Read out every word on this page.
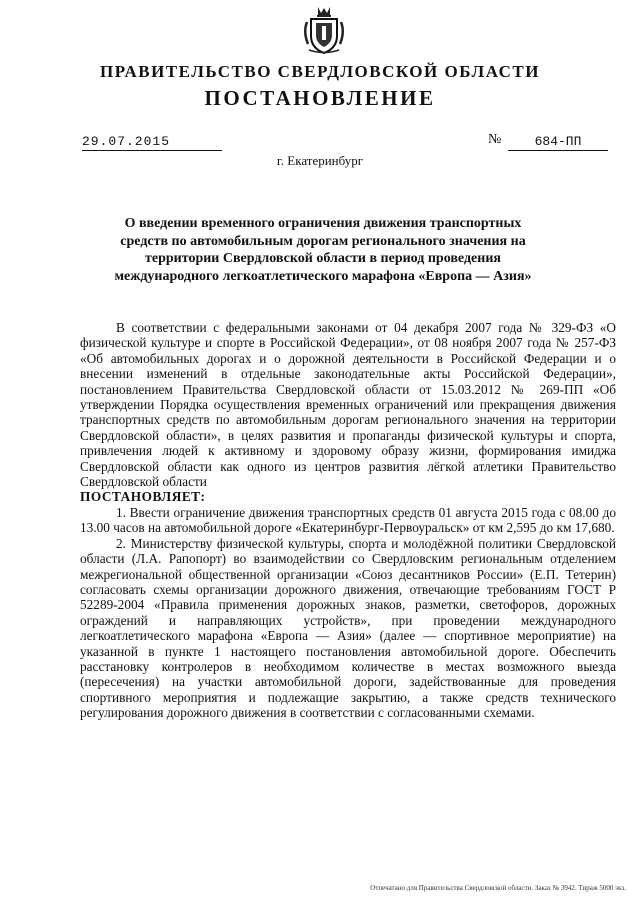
ПРАВИТЕЛЬСТВО СВЕРДЛОВСКОЙ ОБЛАСТИ
ПОСТАНОВЛЕНИЕ
29.07.2015	№	684-ПП
г. Екатеринбург
О введении временного ограничения движения транспортных средств по автомобильным дорогам регионального значения на территории Свердловской области в период проведения международного легкоатлетического марафона «Европа — Азия»

В соответствии с федеральными законами от 04 декабря 2007 года № 329-ФЗ «О физической культуре и спорте в Российской Федерации», от 08 ноября 2007 года № 257-ФЗ «Об автомобильных дорогах и о дорожной деятельности в Российской Федерации и о внесении изменений в отдельные законодательные акты Российской Федерации», постановлением Правительства Свердловской области от 15.03.2012 № 269-ПП «Об утверждении Порядка осуществления временных ограничений или прекращения движения транспортных средств по автомобильным дорогам регионального значения на территории Свердловской области», в целях развития и пропаганды физической культуры и спорта, привлечения людей к активному и здоровому образу жизни, формирования имиджа Свердловской области как одного из центров развития лёгкой атлетики Правительство Свердловской области

ПОСТАНОВЛЯЕТ:

1. Ввести ограничение движения транспортных средств 01 августа 2015 года с 08.00 до 13.00 часов на автомобильной дороге «Екатеринбург-Первоуральск» от км 2,595 до км 17,680.

2. Министерству физической культуры, спорта и молодёжной политики Свердловской области (Л.А. Рапопорт) во взаимодействии со Свердловским региональным отделением межрегиональной общественной организации «Союз десантников России» (Е.П. Тетерин) согласовать схемы организации дорожного движения, отвечающие требованиям ГОСТ Р 52289-2004 «Правила применения дорожных знаков, разметки, светофоров, дорожных ограждений и направляющих устройств», при проведении международного легкоатлетического марафона «Европа — Азия» (далее — спортивное мероприятие) на указанной в пункте 1 настоящего постановления автомобильной дороге. Обеспечить расстановку контролеров в необходимом количестве в местах возможного выезда (пересечения) на участки автомобильной дороги, задействованные для проведения спортивного мероприятия и подлежащие закрытию, а также средств технического регулирования дорожного движения в соответствии с согласованными схемами.

Отпечатано для Правительства Свердловской области. Заказ № 3942. Тираж 5000 экз.
